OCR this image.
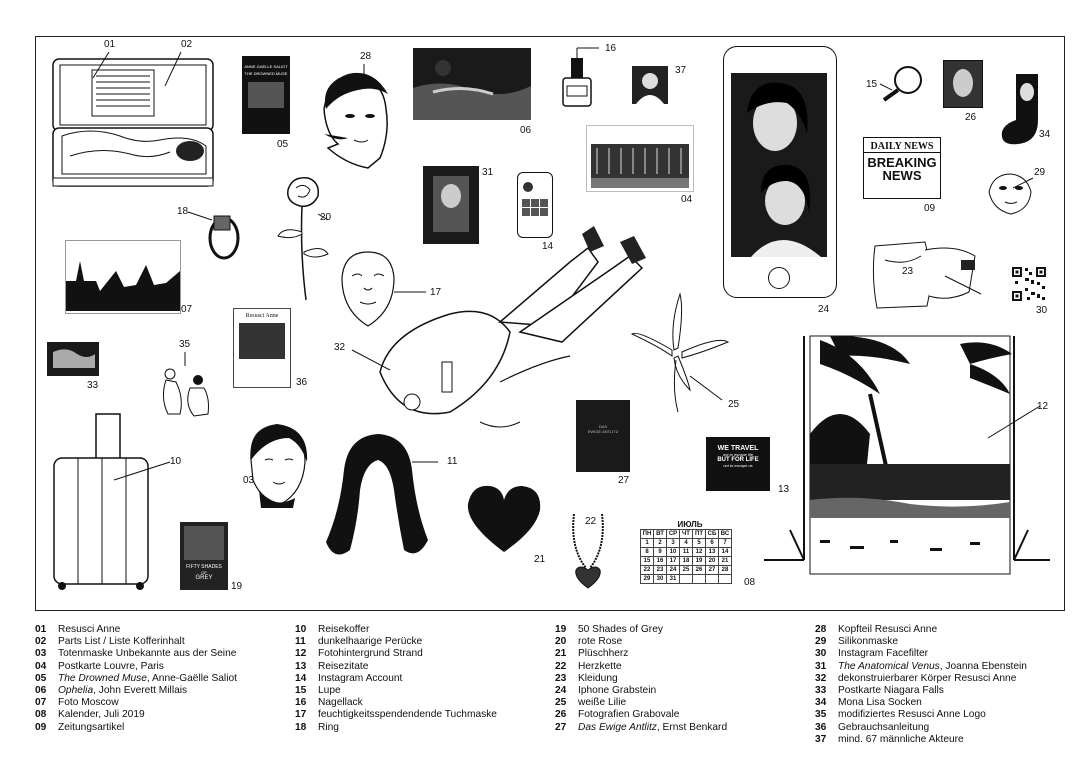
01	02
ANNE-GAËLLE SALIOT
THE DROWNED MUSE
05
28
06
16
37
04
24
15
26
34
DAILY NEWS
BREAKING
NEWS
09
29
18
20
31
14
07
17
32
23
30
Resusci Anne
36
33
35
25	12
10
03
11
DAS
EWIGE ANTLITZ
27
WE TRAVEL
not to escape life
BUT FOR LIFE
not to escape us
13
21
22	ИЮЛЬ
ПН	ВТ	СР	ЧТ	ПТ	СБ	ВС
1	2	3	4	5	6	7
8	9	10	11	12	13	14
15	16	17	18	19	20	21
22	23	24	25	26	27	28
29	30	31					08
FIFTY SHADES
OF
GREY
19
01	Resusci Anne
02	Parts List / Liste Kofferinhalt
03	Totenmaske Unbekannte aus der Seine
04	Postkarte Louvre, Paris
05	The Drowned Muse, Anne-Gaëlle Saliot
06	Ophelia, John Everett Millais
07	Foto Moscow
08	Kalender, Juli 2019
09	Zeitungsartikel
10	Reisekoffer
11	dunkelhaarige Perücke
12	Fotohintergrund Strand
13	Reisezitate
14	Instagram Account
15	Lupe
16	Nagellack
17	feuchtigkeitsspendendende Tuchmaske
18	Ring
19	50 Shades of Grey
20	rote Rose
21	Plüschherz
22	Herzkette
23	Kleidung
24	Iphone Grabstein
25	weiße Lilie
26	Fotografien Grabovale
27	Das Ewige Antlitz, Ernst Benkard
28	Kopfteil Resusci Anne
29	Silikonmaske
30	Instagram Facefilter
31	The Anatomical Venus, Joanna Ebenstein
32	dekonstruierbarer Körper Resusci Anne
33	Postkarte Niagara Falls
34	Mona Lisa Socken
35	modifiziertes Resusci Anne Logo
36	Gebrauchsanleitung
37	mind. 67 männliche Akteure
